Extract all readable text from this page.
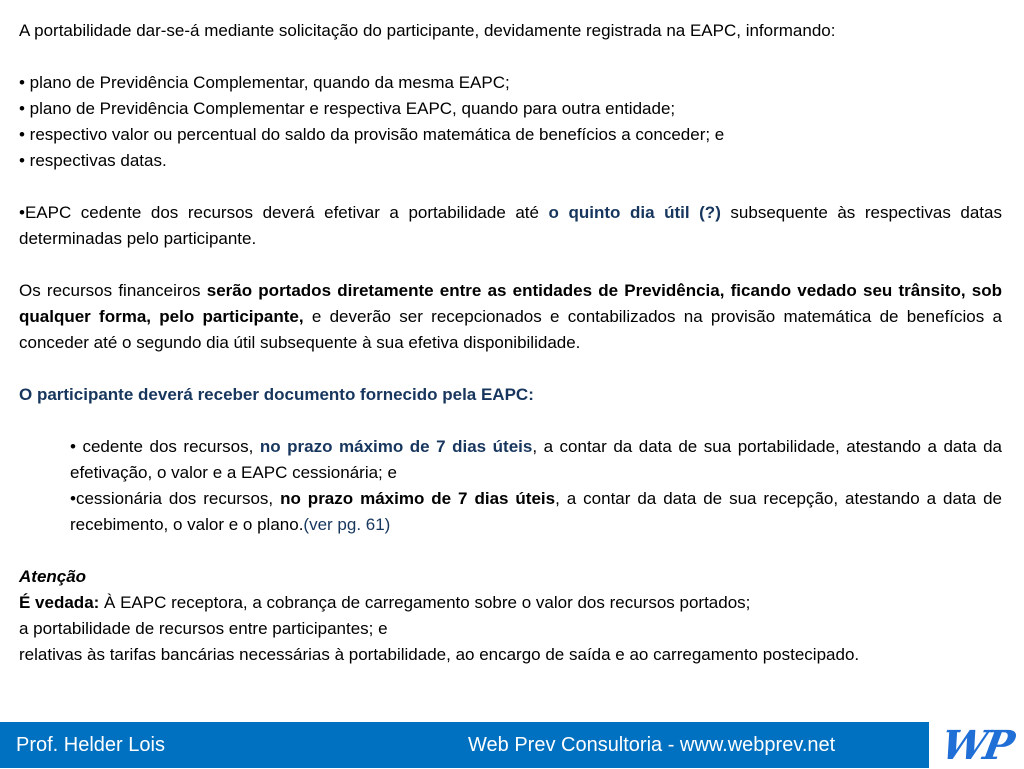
A portabilidade dar-se-á mediante solicitação do participante, devidamente registrada na EAPC, informando:

• plano de Previdência Complementar, quando da mesma EAPC;

• plano de Previdência Complementar e respectiva EAPC, quando para outra entidade;

• respectivo valor ou percentual do saldo da provisão matemática de benefícios a conceder; e

• respectivas datas.

•EAPC cedente dos recursos deverá efetivar a portabilidade até o quinto dia útil (?) subsequente às respectivas datas determinadas pelo participante.

Os recursos financeiros serão portados diretamente entre as entidades de Previdência, ficando vedado seu trânsito, sob qualquer forma, pelo participante, e deverão ser recepcionados e contabilizados na provisão matemática de benefícios a conceder até o segundo dia útil subsequente à sua efetiva disponibilidade.

O participante deverá receber documento fornecido pela EAPC:

• cedente dos recursos, no prazo máximo de 7 dias úteis, a contar da data de sua portabilidade, atestando a data da efetivação, o valor e a EAPC cessionária; e

•cessionária dos recursos, no prazo máximo de 7 dias úteis, a contar da data de sua recepção, atestando a data de recebimento, o valor e o plano.(ver pg. 61)

Atenção

É vedada: À EAPC receptora, a cobrança de carregamento sobre o valor dos recursos portados;

a portabilidade de recursos entre participantes; e

relativas às tarifas bancárias necessárias à portabilidade, ao encargo de saída e ao carregamento postecipado.

Prof. Helder Lois	Web Prev Consultoria - www.webprev.net	WP
